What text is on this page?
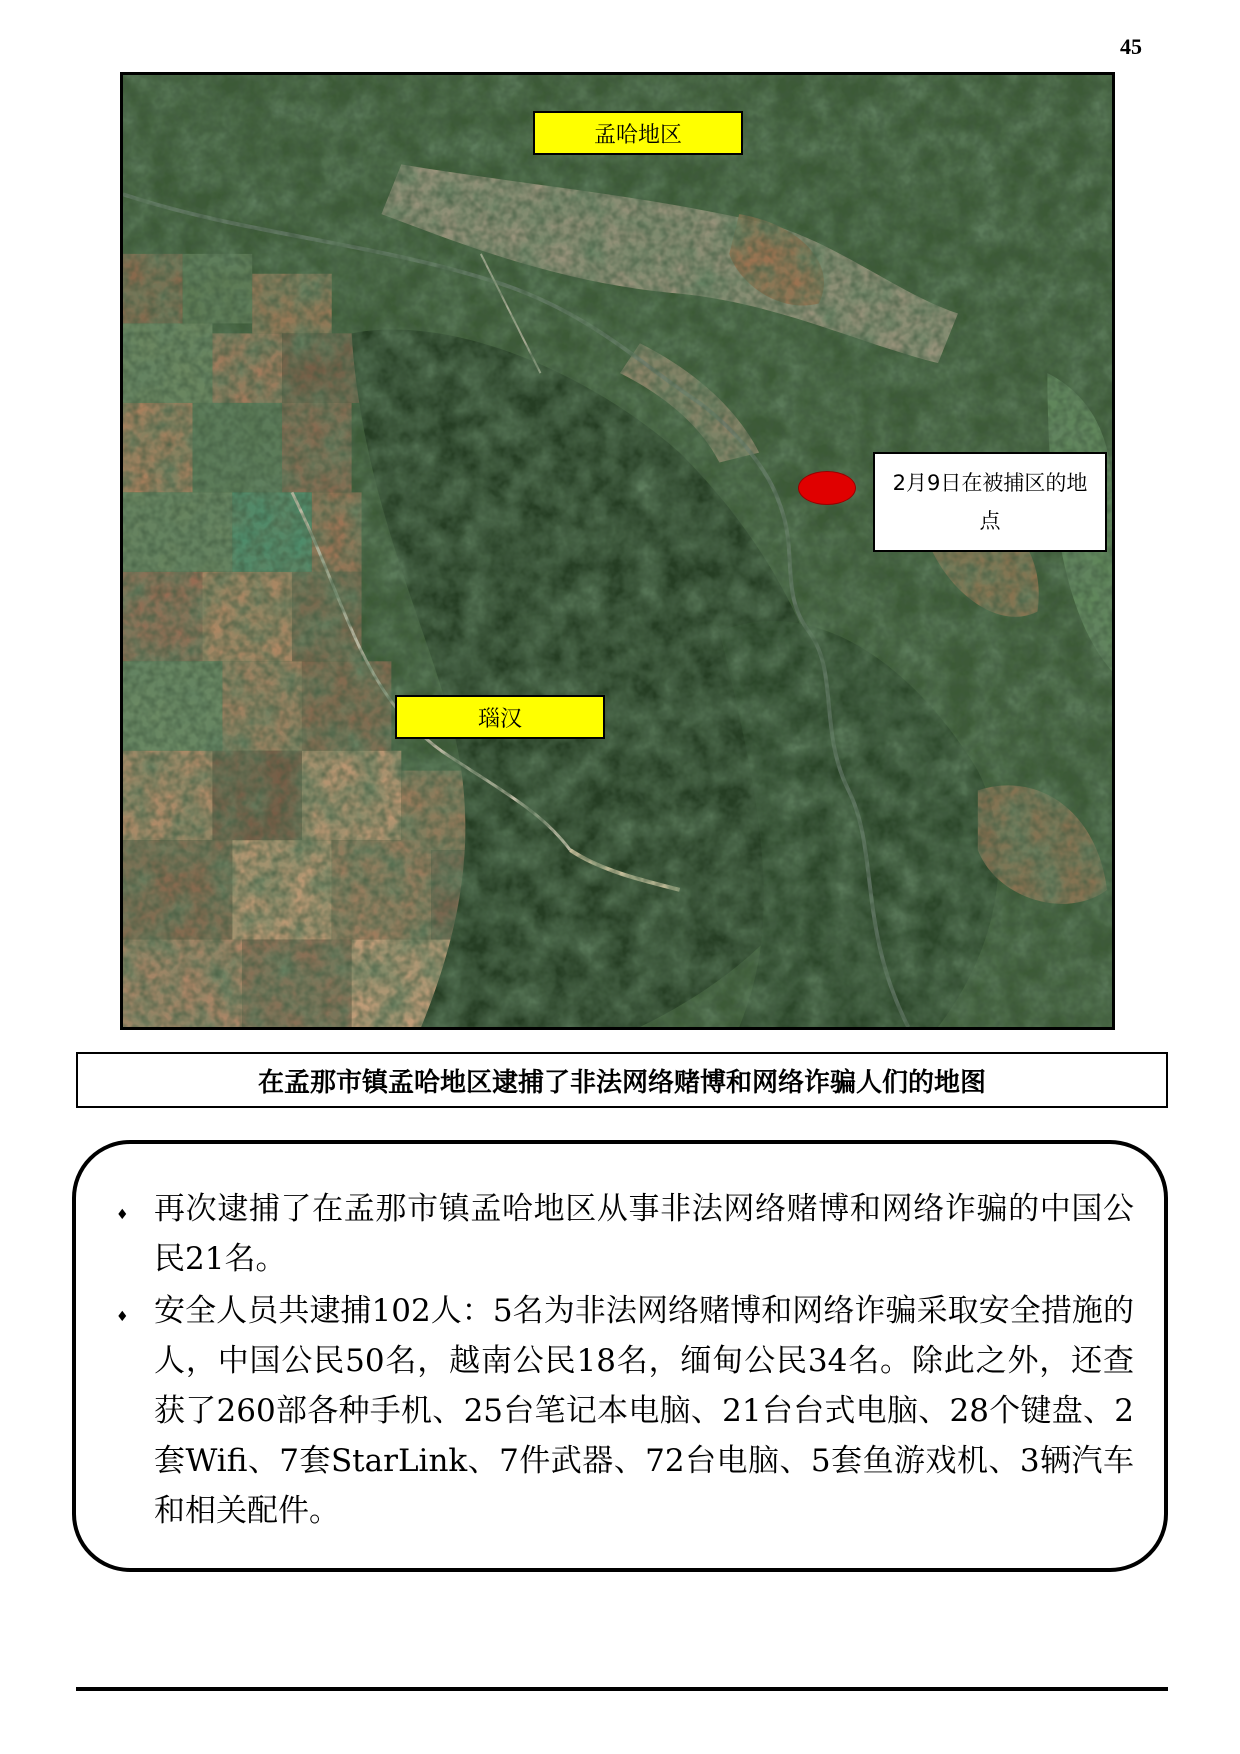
45
孟哈地区
瑙汉
2月9日在被捕区的地点
在孟那市镇孟哈地区逮捕了非法网络赌博和网络诈骗人们的地图
♦ 再次逮捕了在孟那市镇孟哈地区从事非法网络赌博和网络诈骗的中国公民21名。
♦ 安全人员共逮捕102人：5名为非法网络赌博和网络诈骗采取安全措施的人，中国公民50名，越南公民18名，缅甸公民34名。除此之外，还查获了260部各种手机、25台笔记本电脑、21台台式电脑、28个键盘、2套Wifi、7套StarLink、7件武器、72台电脑、5套鱼游戏机、3辆汽车和相关配件。
